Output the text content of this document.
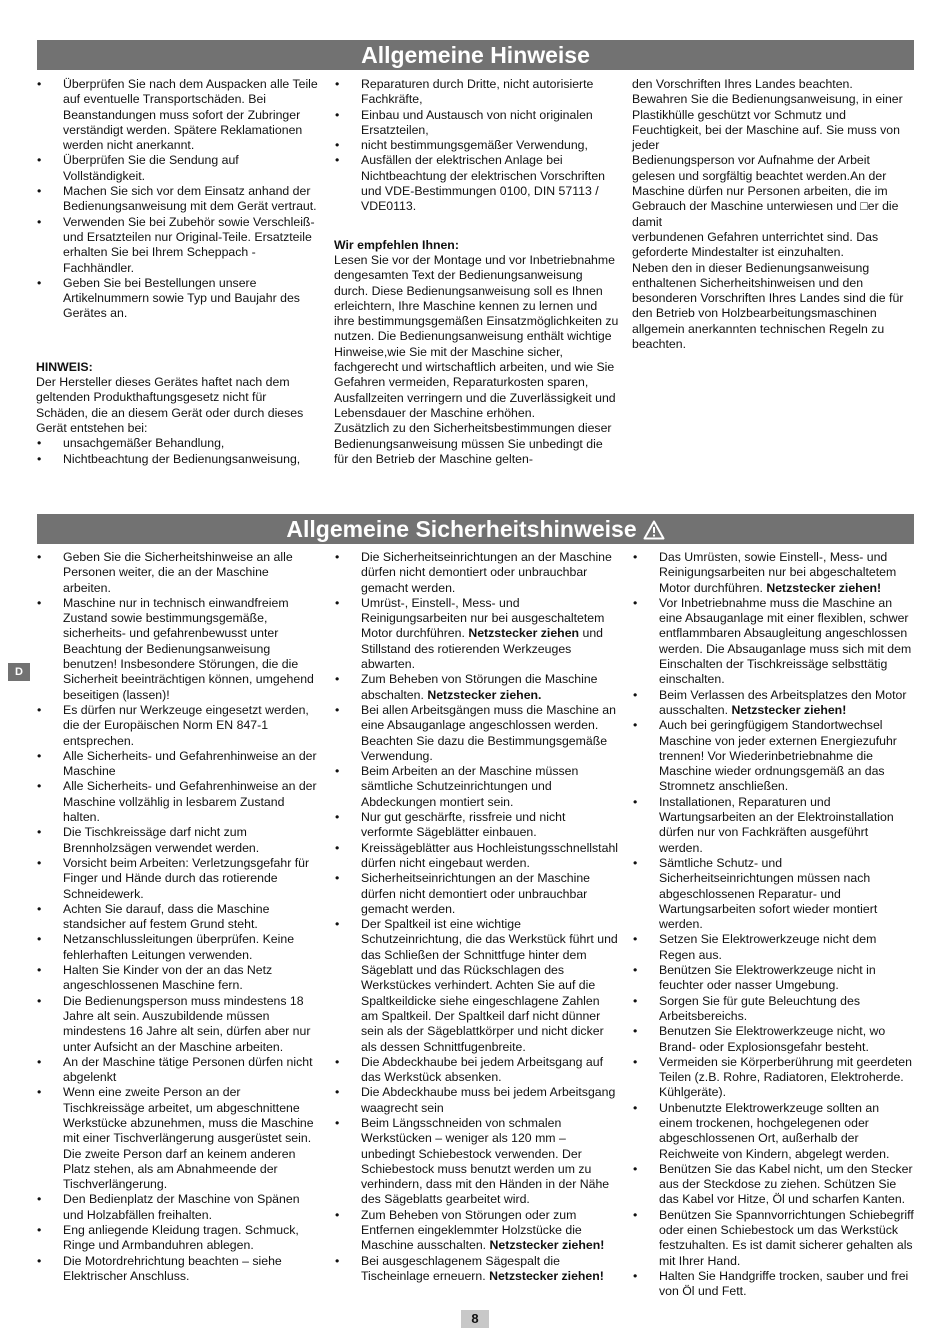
Allgemeine Hinweise
• Überprüfen Sie nach dem Auspacken alle Teile auf eventuelle Transportschäden. Bei Beanstandungen muss sofort der Zubringer verständigt werden. Spätere Reklamationen werden nicht anerkannt.
• Überprüfen Sie die Sendung auf Vollständigkeit.
• Machen Sie sich vor dem Einsatz anhand der Bedienungsanweisung mit dem Gerät vertraut.
• Verwenden Sie bei Zubehör sowie Verschleiß- und Ersatzteilen nur Original-Teile. Ersatzteile erhalten Sie bei Ihrem Scheppach - Fachhändler.
• Geben Sie bei Bestellungen unsere Artikelnummern sowie Typ und Baujahr des Gerätes an.

HINWEIS:

Der Hersteller dieses Gerätes haftet nach dem geltenden Produkthaftungsgesetz nicht für Schäden, die an diesem Gerät oder durch dieses Gerät entstehen bei:

• unsachgemäßer Behandlung,
• Nichtbeachtung der Bedienungsanweisung,
• Reparaturen durch Dritte, nicht autorisierte Fachkräfte,
• Einbau und Austausch von nicht originalen Ersatzteilen,
• nicht bestimmungsgemäßer Verwendung,
• Ausfällen der elektrischen Anlage bei Nichtbeachtung der elektrischen Vorschriften und VDE-Bestimmungen 0100, DIN 57113 / VDE0113.

Wir empfehlen Ihnen:

Lesen Sie vor der Montage und vor Inbetriebnahme dengesamten Text der Bedienungsanweisung durch. Diese Bedienungsanweisung soll es Ihnen erleichtern, Ihre Maschine kennen zu lernen und ihre bestimmungsgemäßen Einsatzmöglichkeiten zu nutzen. Die Bedienungsanweisung enthält wichtige Hinweise,wie Sie mit der Maschine sicher, fachgerecht und wirtschaftlich arbeiten, und wie Sie Gefahren vermeiden, Reparaturkosten sparen, Ausfallzeiten verringern und die Zuverlässigkeit und Lebensdauer der Maschine erhöhen.

Zusätzlich zu den Sicherheitsbestimmungen dieser Bedienungsanweisung müssen Sie unbedingt die für den Betrieb der Maschine gelten-

den Vorschriften Ihres Landes beachten.

Bewahren Sie die Bedienungsanweisung, in einer Plastikhülle geschützt vor Schmutz und Feuchtigkeit, bei der Maschine auf. Sie muss von jeder

Bedienungsperson vor Aufnahme der Arbeit gelesen und sorgfältig beachtet werden.An der Maschine dürfen nur Personen arbeiten, die im Gebrauch der Maschine unterwiesen und □er die damit

verbundenen Gefahren unterrichtet sind. Das geforderte Mindestalter ist einzuhalten.

Neben den in dieser Bedienungsanweisung enthaltenen Sicherheitshinweisen und den besonderen Vorschriften Ihres Landes sind die für den Betrieb von Holzbearbeitungsmaschinen allgemein anerkannten technischen Regeln zu beachten.

Allgemeine Sicherheitshinweise
• Geben Sie die Sicherheitshinweise an alle Personen weiter, die an der Maschine arbeiten.
• Maschine nur in technisch einwandfreiem Zustand sowie bestimmungsgemäße, sicherheits- und gefahrenbewusst unter Beachtung der Bedienungsanweisung benutzen! Insbesondere Störungen, die die Sicherheit beeinträchtigen können, umgehend beseitigen (lassen)!
• Es dürfen nur Werkzeuge eingesetzt werden, die der Europäischen Norm EN 847-1 entsprechen.
• Alle Sicherheits- und Gefahrenhinweise an der Maschine
• Alle Sicherheits- und Gefahrenhinweise an der Maschine vollzählig in lesbarem Zustand halten.
• Die Tischkreissäge darf nicht zum Brennholzsägen verwendet werden.
• Vorsicht beim Arbeiten: Verletzungsgefahr für Finger und Hände durch das rotierende Schneidewerk.
• Achten Sie darauf, dass die Maschine standsicher auf festem Grund steht.
• Netzanschlussleitungen überprüfen. Keine fehlerhaften Leitungen verwenden.
• Halten Sie Kinder von der an das Netz angeschlossenen Maschine fern.
• Die Bedienungsperson muss mindestens 18 Jahre alt sein. Auszubildende müssen mindestens 16 Jahre alt sein, dürfen aber nur unter Aufsicht an der Maschine arbeiten.
• An der Maschine tätige Personen dürfen nicht abgelenkt
• Wenn eine zweite Person an der Tischkreissäge arbeitet, um abgeschnittene Werkstücke abzunehmen, muss die Maschine mit einer Tischverlängerung ausgerüstet sein. Die zweite Person darf an keinem anderen Platz stehen, als am Abnahmeende der Tischverlängerung.
• Den Bedienplatz der Maschine von Spänen und Holzabfällen freihalten.
• Eng anliegende Kleidung tragen. Schmuck, Ringe und Armbanduhren ablegen.
• Die Motordrehrichtung beachten – siehe Elektrischer Anschluss.
• Die Sicherheitseinrichtungen an der Maschine dürfen nicht demontiert oder unbrauchbar gemacht werden.
• Umrüst-, Einstell-, Mess- und Reinigungsarbeiten nur bei ausgeschaltetem Motor durchführen. Netzstecker ziehen und Stillstand des rotierenden Werkzeuges abwarten.
• Zum Beheben von Störungen die Maschine abschalten. Netzstecker ziehen.
• Bei allen Arbeitsgängen muss die Maschine an eine Absauganlage angeschlossen werden. Beachten Sie dazu die Bestimmungsgemäße Verwendung.
• Beim Arbeiten an der Maschine müssen sämtliche Schutzeinrichtungen und Abdeckungen montiert sein.
• Nur gut geschärfte, rissfreie und nicht verformte Sägeblätter einbauen.
• Kreissägeblätter aus Hochleistungsschnellstahl dürfen nicht eingebaut werden.
• Sicherheitseinrichtungen an der Maschine dürfen nicht demontiert oder unbrauchbar gemacht werden.
• Der Spaltkeil ist eine wichtige Schutzeinrichtung, die das Werkstück führt und das Schließen der Schnittfuge hinter dem Sägeblatt und das Rückschlagen des Werkstückes verhindert. Achten Sie auf die Spaltkeildicke siehe eingeschlagene Zahlen am Spaltkeil. Der Spaltkeil darf nicht dünner sein als der Sägeblattkörper und nicht dicker als dessen Schnittfugenbreite.
• Die Abdeckhaube bei jedem Arbeitsgang auf das Werkstück absenken.
• Die Abdeckhaube muss bei jedem Arbeitsgang waagrecht sein
• Beim Längsschneiden von schmalen Werkstücken – weniger als 120 mm – unbedingt Schiebestock verwenden. Der Schiebestock muss benutzt werden um zu verhindern, dass mit den Händen in der Nähe des Sägeblatts gearbeitet wird.
• Zum Beheben von Störungen oder zum Entfernen eingeklemmter Holzstücke die Maschine ausschalten. Netzstecker ziehen!
• Bei ausgeschlagenem Sägespalt die Tischeinlage erneuern. Netzstecker ziehen!
• Das Umrüsten, sowie Einstell-, Mess- und Reinigungsarbeiten nur bei abgeschaltetem Motor durchführen. Netzstecker ziehen!
• Vor Inbetriebnahme muss die Maschine an eine Absauganlage mit einer flexiblen, schwer entflammbaren Absaugleitung angeschlossen werden. Die Absauganlage muss sich mit dem Einschalten der Tischkreissäge selbsttätig einschalten.
• Beim Verlassen des Arbeitsplatzes den Motor ausschalten. Netzstecker ziehen!
• Auch bei geringfügigem Standortwechsel Maschine von jeder externen Energiezufuhr trennen! Vor Wiederinbetriebnahme die Maschine wieder ordnungsgemäß an das Stromnetz anschließen.
• Installationen, Reparaturen und Wartungsarbeiten an der Elektroinstallation dürfen nur von Fachkräften ausgeführt werden.
• Sämtliche Schutz- und Sicherheitseinrichtungen müssen nach abgeschlossenen Reparatur- und Wartungsarbeiten sofort wieder montiert werden.
• Setzen Sie Elektrowerkzeuge nicht dem Regen aus.
• Benützen Sie Elektrowerkzeuge nicht in feuchter oder nasser Umgebung.
• Sorgen Sie für gute Beleuchtung des Arbeitsbereichs.
• Benutzen Sie Elektrowerkzeuge nicht, wo Brand- oder Explosionsgefahr besteht.
• Vermeiden sie Körperberührung mit geerdeten Teilen (z.B. Rohre, Radiatoren, Elektroherde. Kühlgeräte).
• Unbenutzte Elektrowerkzeuge sollten an einem trockenen, hochgelegenen oder abgeschlossenen Ort, außerhalb der Reichweite von Kindern, abgelegt werden.
• Benützen Sie das Kabel nicht, um den Stecker aus der Steckdose zu ziehen. Schützen Sie das Kabel vor Hitze, Öl und scharfen Kanten.
• Benützen Sie Spannvorrichtungen Schiebegriff oder einen Schiebestock um das Werkstück festzuhalten. Es ist damit sicherer gehalten als mit Ihrer Hand.
• Halten Sie Handgriffe trocken, sauber und frei von Öl und Fett.
D
8
